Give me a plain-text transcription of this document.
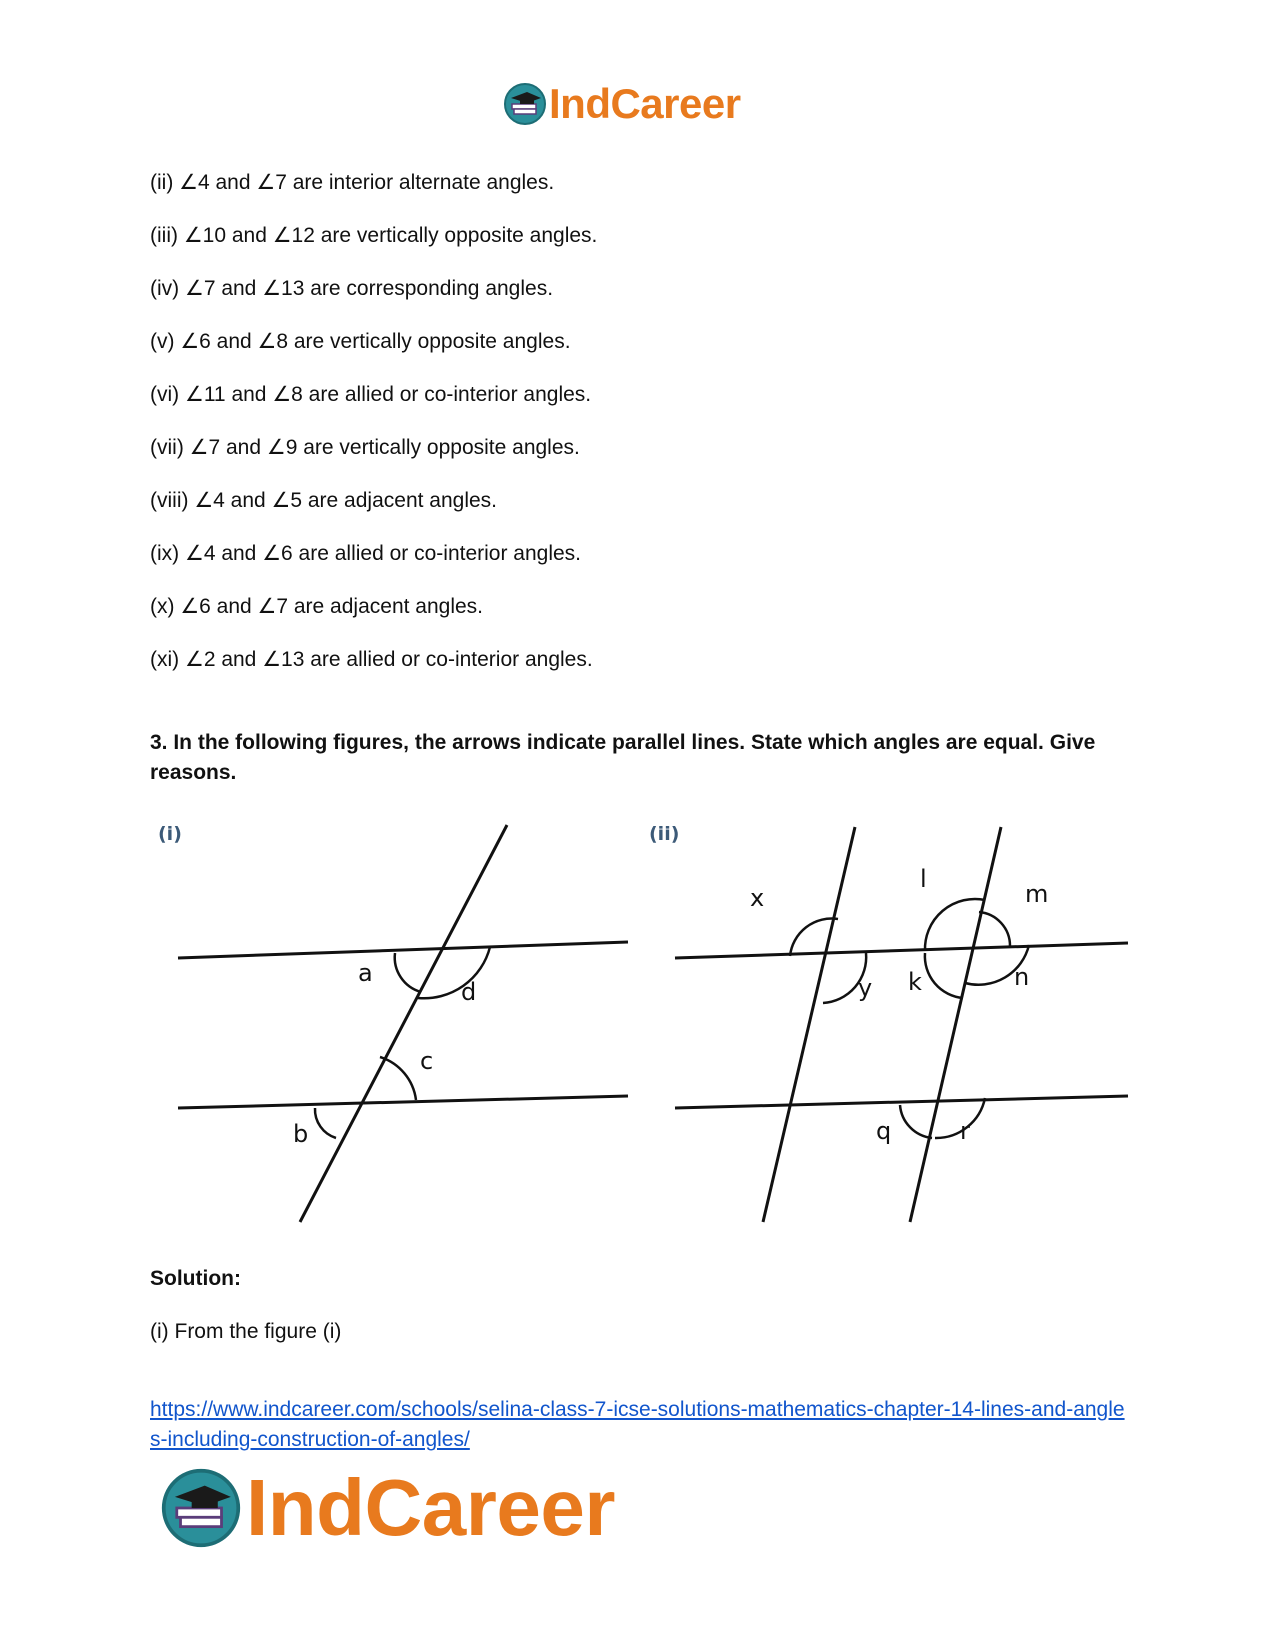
IndCareer
(ii) ∠4 and ∠7 are interior alternate angles.
(iii) ∠10 and ∠12 are vertically opposite angles.
(iv) ∠7 and ∠13 are corresponding angles.
(v) ∠6 and ∠8 are vertically opposite angles.
(vi) ∠11 and ∠8 are allied or co-interior angles.
(vii) ∠7 and ∠9 are vertically opposite angles.
(viii) ∠4 and ∠5 are adjacent angles.
(ix) ∠4 and ∠6 are allied or co-interior angles.
(x) ∠6 and ∠7 are adjacent angles.
(xi) ∠2 and ∠13 are allied or co-interior angles.
3. In the following figures, the arrows indicate parallel lines. State which angles are equal. Give reasons.
(i)
a
d
c
b
(ii)
x
y
l
m
k	n
q	r
Solution:
(i) From the figure (i)
https://www.indcareer.com/schools/selina-class-7-icse-solutions-mathematics-chapter-14-lines-and-angles-including-construction-of-angles/
IndCareer
